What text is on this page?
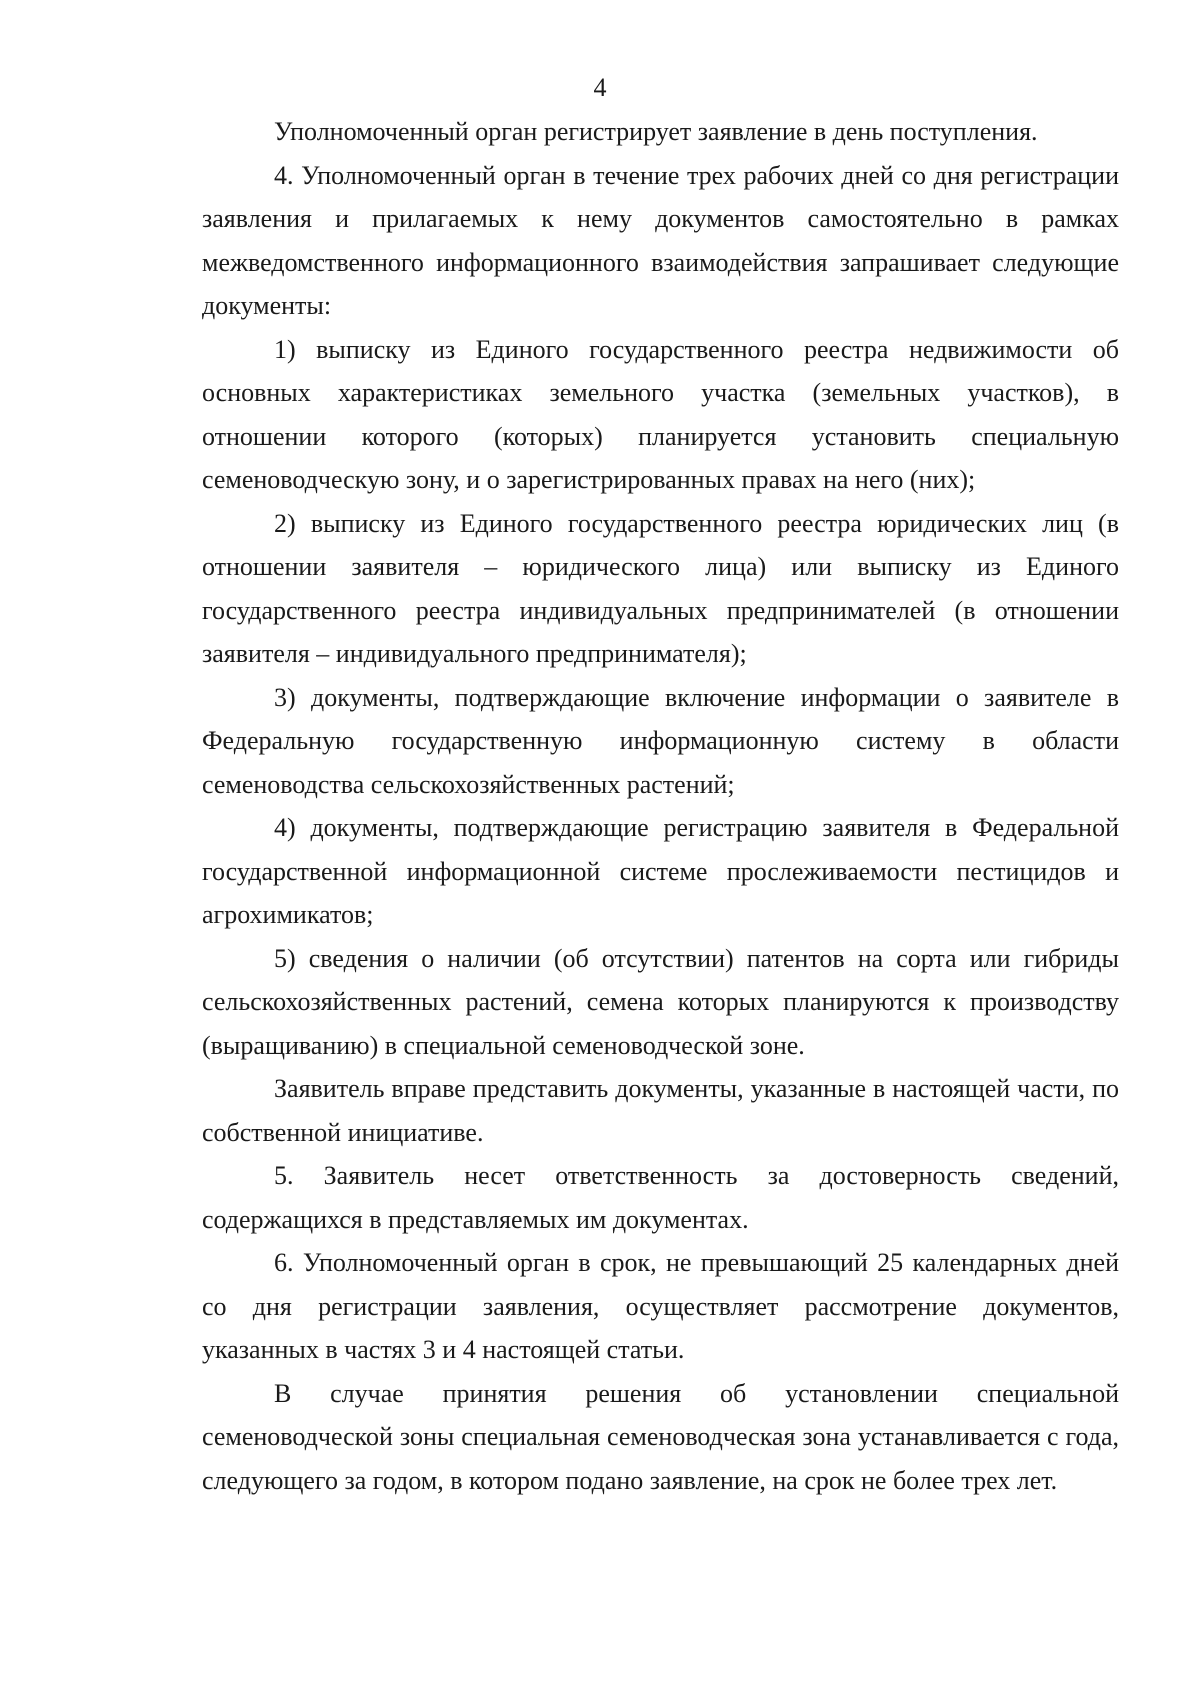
4

Уполномоченный орган регистрирует заявление в день поступления.

4. Уполномоченный орган в течение трех рабочих дней со дня регистрации заявления и прилагаемых к нему документов самостоятельно в рамках межведомственного информационного взаимодействия запрашивает следующие документы:

1) выписку из Единого государственного реестра недвижимости об основных характеристиках земельного участка (земельных участков), в отношении которого (которых) планируется установить специальную семеноводческую зону, и о зарегистрированных правах на него (них);

2) выписку из Единого государственного реестра юридических лиц (в отношении заявителя – юридического лица) или выписку из Единого государственного реестра индивидуальных предпринимателей (в отношении заявителя – индивидуального предпринимателя);

3) документы, подтверждающие включение информации о заявителе в Федеральную государственную информационную систему в области семеноводства сельскохозяйственных растений;

4) документы, подтверждающие регистрацию заявителя в Федеральной государственной информационной системе прослеживаемости пестицидов и агрохимикатов;

5) сведения о наличии (об отсутствии) патентов на сорта или гибриды сельскохозяйственных растений, семена которых планируются к производству (выращиванию) в специальной семеноводческой зоне.

Заявитель вправе представить документы, указанные в настоящей части, по собственной инициативе.

5. Заявитель несет ответственность за достоверность сведений, содержащихся в представляемых им документах.

6. Уполномоченный орган в срок, не превышающий 25 календарных дней со дня регистрации заявления, осуществляет рассмотрение документов, указанных в частях 3 и 4 настоящей статьи.

В случае принятия решения об установлении специальной семеноводческой зоны специальная семеноводческая зона устанавливается с года, следующего за годом, в котором подано заявление, на срок не более трех лет.
